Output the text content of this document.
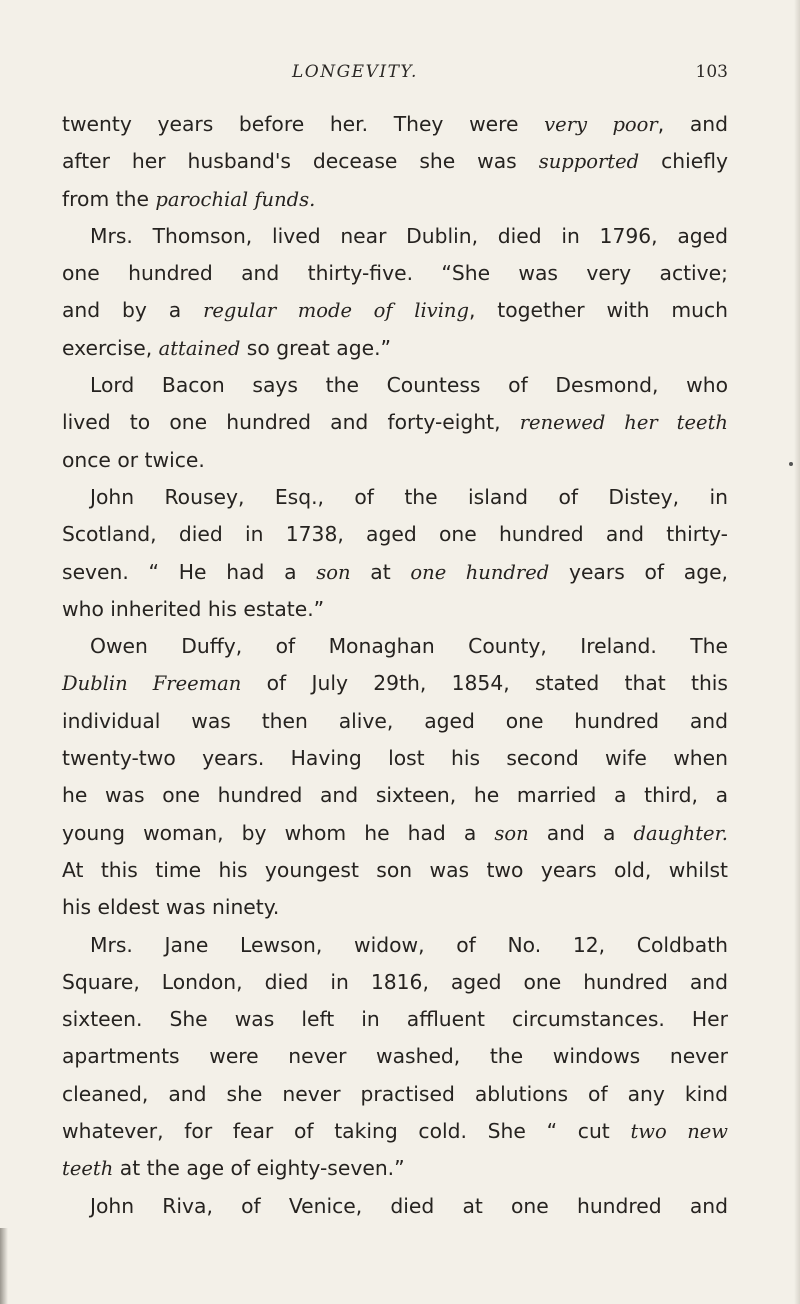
LONGEVITY.	103
twenty years before her. They were very poor, and
after her husband's decease she was supported chiefly
from the parochial funds.
Mrs. Thomson, lived near Dublin, died in 1796, aged
one hundred and thirty-five. “She was very active;
and by a regular mode of living, together with much
exercise, attained so great age.”
Lord Bacon says the Countess of Desmond, who
lived to one hundred and forty-eight, renewed her teeth
once or twice.
John Rousey, Esq., of the island of Distey, in
Scotland, died in 1738, aged one hundred and thirty-
seven. “ He had a son at one hundred years of age,
who inherited his estate.”
Owen Duffy, of Monaghan County, Ireland. The
Dublin Freeman of July 29th, 1854, stated that this
individual was then alive, aged one hundred and
twenty-two years. Having lost his second wife when
he was one hundred and sixteen, he married a third, a
young woman, by whom he had a son and a daughter.
At this time his youngest son was two years old, whilst
his eldest was ninety.
Mrs. Jane Lewson, widow, of No. 12, Coldbath
Square, London, died in 1816, aged one hundred and
sixteen. She was left in affluent circumstances. Her
apartments were never washed, the windows never
cleaned, and she never practised ablutions of any kind
whatever, for fear of taking cold. She “ cut two new
teeth at the age of eighty-seven.”
John Riva, of Venice, died at one hundred and
